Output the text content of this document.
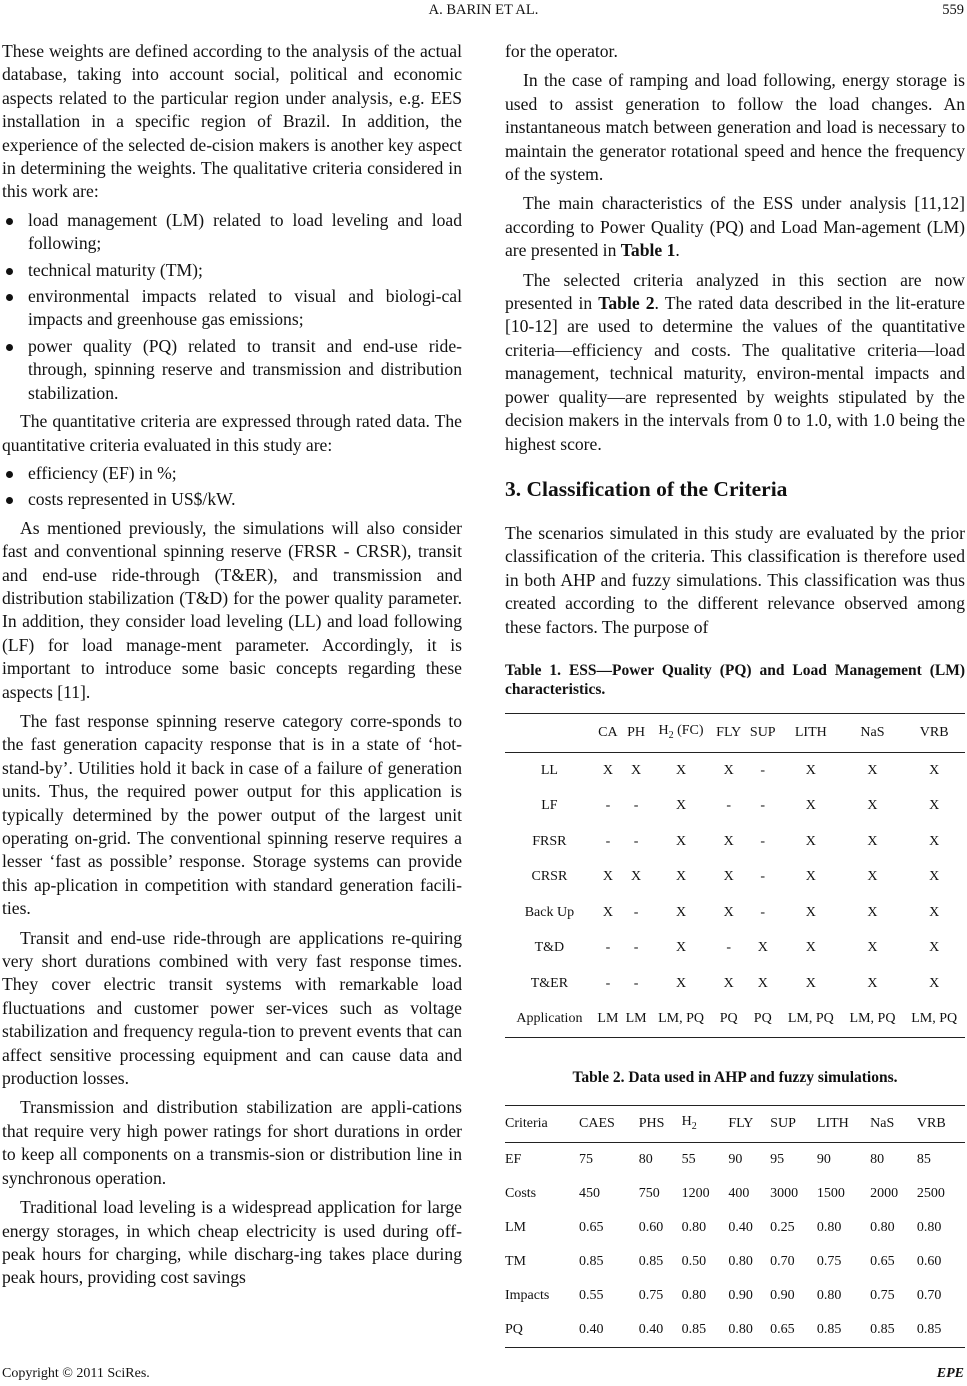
A. BARIN ET AL.	559

These weights are defined according to the analysis of the actual database, taking into account social, political and economic aspects related to the particular region under analysis, e.g. EES installation in a specific region of Brazil. In addition, the experience of the selected de-cision makers is another key aspect in determining the weights. The qualitative criteria considered in this work are:

load management (LM) related to load leveling and load following;
technical maturity (TM);
environmental impacts related to visual and biologi-cal impacts and greenhouse gas emissions;
power quality (PQ) related to transit and end-use ride-through, spinning reserve and transmission and distribution stabilization.

The quantitative criteria are expressed through rated data. The quantitative criteria evaluated in this study are:

efficiency (EF) in %;
costs represented in US$/kW.

As mentioned previously, the simulations will also consider fast and conventional spinning reserve (FRSR - CRSR), transit and end-use ride-through (T&ER), and transmission and distribution stabilization (T&D) for the power quality parameter. In addition, they consider load leveling (LL) and load following (LF) for load manage-ment parameter. Accordingly, it is important to introduce some basic concepts regarding these aspects [11].

The fast response spinning reserve category corre-sponds to the fast generation capacity response that is in a state of ‘hot-stand-by’. Utilities hold it back in case of a failure of generation units. Thus, the required power output for this application is typically determined by the power output of the largest unit operating on-grid. The conventional spinning reserve requires a lesser ‘fast as possible’ response. Storage systems can provide this ap-plication in competition with standard generation facili-ties.

Transit and end-use ride-through are applications re-quiring very short durations combined with very fast response times. They cover electric transit systems with remarkable load fluctuations and customer power ser-vices such as voltage stabilization and frequency regula-tion to prevent events that can affect sensitive processing equipment and can cause data and production losses.

Transmission and distribution stabilization are appli-cations that require very high power ratings for short durations in order to keep all components on a transmis-sion or distribution line in synchronous operation.

Traditional load leveling is a widespread application for large energy storages, in which cheap electricity is used during off-peak hours for charging, while discharg-ing takes place during peak hours, providing cost savings

for the operator.

In the case of ramping and load following, energy storage is used to assist generation to follow the load changes. An instantaneous match between generation and load is necessary to maintain the generator rotational speed and hence the frequency of the system.

The main characteristics of the ESS under analysis [11,12] according to Power Quality (PQ) and Load Man-agement (LM) are presented in Table 1.

The selected criteria analyzed in this section are now presented in Table 2. The rated data described in the lit-erature [10-12] are used to determine the values of the quantitative criteria—efficiency and costs. The qualitative criteria—load management, technical maturity, environ-mental impacts and power quality—are represented by weights stipulated by the decision makers in the intervals from 0 to 1.0, with 1.0 being the highest score.

3. Classification of the Criteria

The scenarios simulated in this study are evaluated by the prior classification of the criteria. This classification is therefore used in both AHP and fuzzy simulations. This classification was thus created according to the different relevance observed among these factors. The purpose of

Table 1. ESS—Power Quality (PQ) and Load Management (LM) characteristics.
	CA	PH	$H_2$ (FC)	FLY	SUP	LITH	NaS	VRB
LL	X	X	X	X	-	X	X	X
LF	-	-	X	-	-	X	X	X
FRSR	-	-	X	X	-	X	X	X
CRSR	X	X	X	X	-	X	X	X
Back Up	X	-	X	X	-	X	X	X
T&D	-	-	X	-	X	X	X	X
T&ER	-	-	X	X	X	X	X	X
Application	LM	LM	LM, PQ	PQ	PQ	LM, PQ	LM, PQ	LM, PQ
Table 2. Data used in AHP and fuzzy simulations.
Criteria	CAES	PHS	$H_2$	FLY	SUP	LITH	NaS	VRB
EF	75	80	55	90	95	90	80	85
Costs	450	750	1200	400	3000	1500	2000	2500
LM	0.65	0.60	0.80	0.40	0.25	0.80	0.80	0.80
TM	0.85	0.85	0.50	0.80	0.70	0.75	0.65	0.60
Impacts	0.55	0.75	0.80	0.90	0.90	0.80	0.75	0.70
PQ	0.40	0.40	0.85	0.80	0.65	0.85	0.85	0.85
Copyright © 2011 SciRes.	EPE
